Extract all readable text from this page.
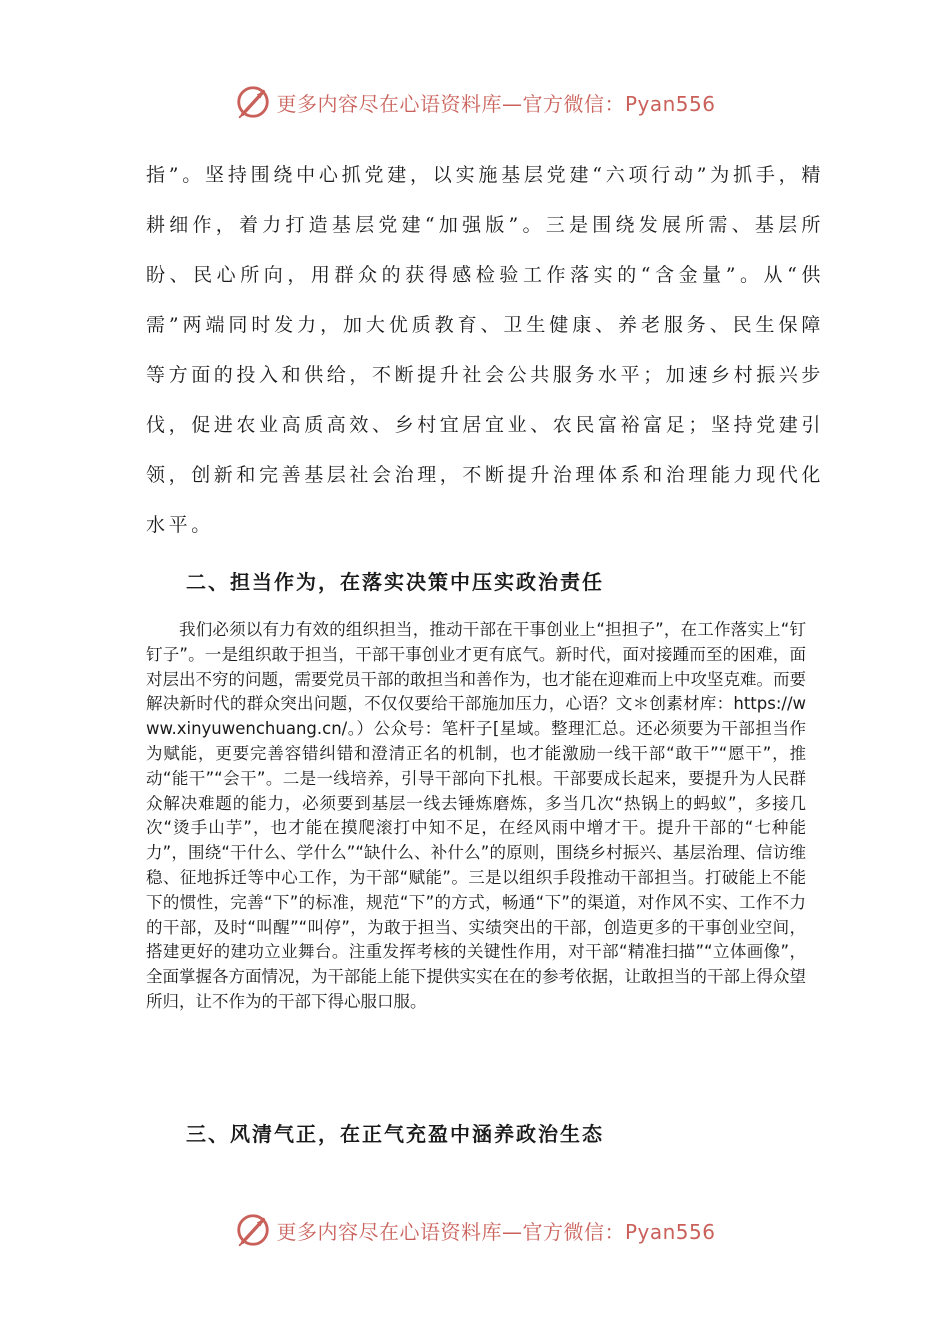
更多内容尽在心语资料库—官方微信：Pyan556

指”。坚持围绕中心抓党建，以实施基层党建“六项行动”为抓手，精耕细作，着力打造基层党建“加强版”。三是围绕发展所需、基层所盼、民心所向，用群众的获得感检验工作落实的“含金量”。从“供需”两端同时发力，加大优质教育、卫生健康、养老服务、民生保障等方面的投入和供给，不断提升社会公共服务水平；加速乡村振兴步伐，促进农业高质高效、乡村宜居宜业、农民富裕富足；坚持党建引领，创新和完善基层社会治理，不断提升治理体系和治理能力现代化水平。

二、担当作为，在落实决策中压实政治责任

我们必须以有力有效的组织担当，推动干部在干事创业上“担担子”，在工作落实上“钉钉子”。一是组织敢于担当，干部干事创业才更有底气。新时代，面对接踵而至的困难，面对层出不穷的问题，需要党员干部的敢担当和善作为，也才能在迎难而上中攻坚克难。而要解决新时代的群众突出问题，不仅仅要给干部施加压力，心语？文＊创素材库：https://www.xinyuwenchuang.cn/。）公众号：笔杆子[星域。整理汇总。还必须要为干部担当作为赋能，更要完善容错纠错和澄清正名的机制，也才能激励一线干部“敢干”“愿干”，推动“能干”“会干”。二是一线培养，引导干部向下扎根。干部要成长起来，要提升为人民群众解决难题的能力，必须要到基层一线去锤炼磨炼，多当几次“热锅上的蚂蚁”，多接几次“烫手山芋”，也才能在摸爬滚打中知不足，在经风雨中增才干。提升干部的“七种能力”，围绕“干什么、学什么”“缺什么、补什么”的原则，围绕乡村振兴、基层治理、信访维稳、征地拆迁等中心工作，为干部“赋能”。三是以组织手段推动干部担当。打破能上不能下的惯性，完善“下”的标准，规范“下”的方式，畅通“下”的渠道，对作风不实、工作不力的干部，及时“叫醒”“叫停”，为敢于担当、实绩突出的干部，创造更多的干事创业空间，搭建更好的建功立业舞台。注重发挥考核的关键性作用，对干部“精准扫描”“立体画像”，全面掌握各方面情况，为干部能上能下提供实实在在的参考依据，让敢担当的干部上得众望所归，让不作为的干部下得心服口服。

三、风清气正，在正气充盈中涵养政治生态
更多内容尽在心语资料库—官方微信：Pyan556
